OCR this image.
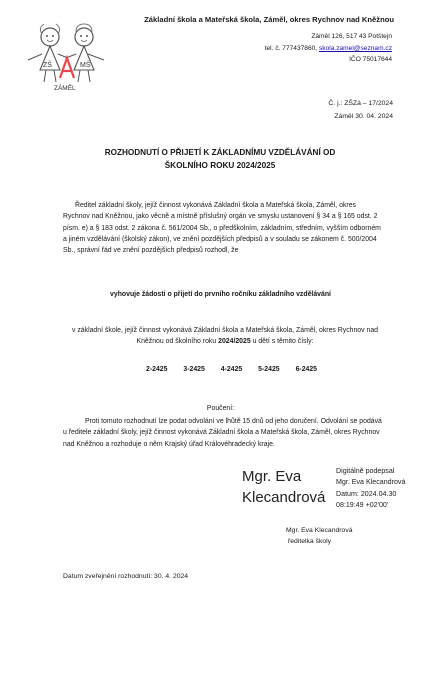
ZŠ	MŠ
ZÁMĚL
Základní škola a Mateřská škola, Záměl, okres Rychnov nad Kněžnou
Záměl 126, 517 43 Potštejn
tel. č. 777437860, skola.zamel@seznam.cz
IČO 75017644
Č. j.: ZŠZá – 17/2024
Záměl 30. 04. 2024
ROZHODNUTÍ O PŘIJETÍ K ZÁKLADNÍMU VZDĚLÁVÁNÍ OD
ŠKOLNÍHO ROKU 2024/2025
Ředitel základní školy, jejíž činnost vykonává Základní škola a Mateřská škola, Záměl, okres Rychnov nad Kněžnou, jako věcně a místně příslušný orgán ve smyslu ustanovení § 34 a § 165 odst. 2 písm. e) a § 183 odst. 2 zákona č. 561/2004 Sb., o předškolním, základním, středním, vyšším odborném a jiném vzdělávání (školský zákon), ve znění pozdějších předpisů a v souladu se zákonem č. 500/2004 Sb., správní řád ve znění pozdějších předpisů rozhodl, že
vyhovuje žádosti o přijetí do prvního ročníku základního vzdělávání
v základní škole, jejíž činnost vykonává Základní škola a Mateřská škola, Záměl, okres Rychnov nad Kněžnou od školního roku 2024/2025 u dětí s těmito čísly:
2-2425 3-2425 4-2425 5-2425 6-2425
Poučení:
Proti tomuto rozhodnutí lze podat odvolání ve lhůtě 15 dnů od jeho doručení. Odvolání se podává u ředitele základní školy, jejíž činnost vykonává Základní škola a Mateřská škola, Záměl, okres Rychnov nad Kněžnou a rozhoduje o něm Krajský úřad Královéhradecký kraje.
Mgr. Eva
Klecandrová
Digitálně podepsal
Mgr. Eva Klecandrová
Datum: 2024.04.30
08:19:49 +02'00'
Mgr. Eva Klecandrová
ředitelka školy
Datum zveřejnění rozhodnutí: 30. 4. 2024
